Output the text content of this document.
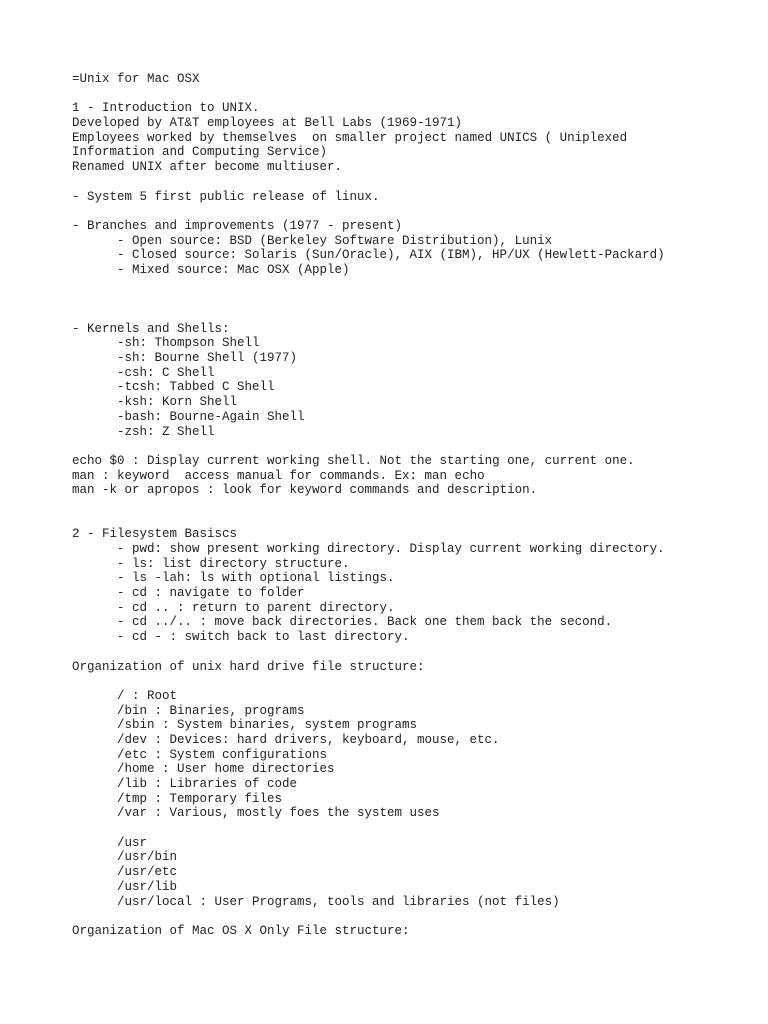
=Unix for Mac OSX
1 - Introduction to UNIX.
Developed by AT&T employees at Bell Labs (1969-1971)
Employees worked by themselves  on smaller project named UNICS ( Uniplexed
Information and Computing Service)
Renamed UNIX after become multiuser.
- System 5 first public release of linux.
- Branches and improvements (1977 - present)
- Open source: BSD (Berkeley Software Distribution), Lunix
- Closed source: Solaris (Sun/Oracle), AIX (IBM), HP/UX (Hewlett-Packard)
- Mixed source: Mac OSX (Apple)
- Kernels and Shells:
-sh: Thompson Shell
-sh: Bourne Shell (1977)
-csh: C Shell
-tcsh: Tabbed C Shell
-ksh: Korn Shell
-bash: Bourne-Again Shell
-zsh: Z Shell
echo $0 : Display current working shell. Not the starting one, current one.
man : keyword  access manual for commands. Ex: man echo
man -k or apropos : look for keyword commands and description.
2 - Filesystem Basiscs
- pwd: show present working directory. Display current working directory.
- ls: list directory structure.
- ls -lah: ls with optional listings.
- cd : navigate to folder
- cd .. : return to parent directory.
- cd ../.. : move back directories. Back one them back the second.
- cd - : switch back to last directory.
Organization of unix hard drive file structure:
/ : Root
/bin : Binaries, programs
/sbin : System binaries, system programs
/dev : Devices: hard drivers, keyboard, mouse, etc.
/etc : System configurations
/home : User home directories
/lib : Libraries of code
/tmp : Temporary files
/var : Various, mostly foes the system uses
/usr
/usr/bin
/usr/etc
/usr/lib
/usr/local : User Programs, tools and libraries (not files)
Organization of Mac OS X Only File structure:
